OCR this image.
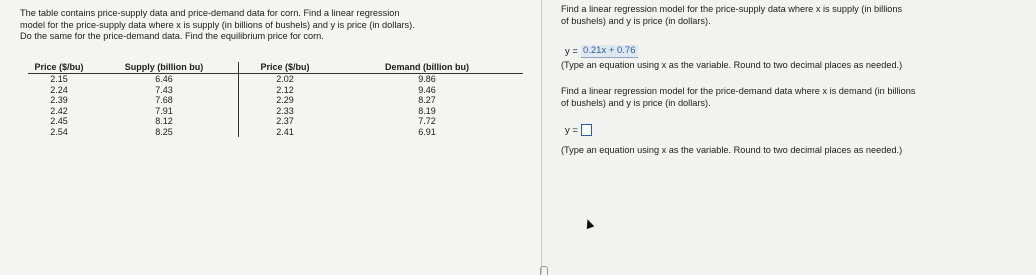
The table contains price-supply data and price-demand data for corn. Find a linear regression

model for the price-supply data where x is supply (in billions of bushels) and y is price (in dollars).

Do the same for the price-demand data. Find the equilibrium price for corn.

Price ($/bu)	Supply (billion bu)	Price ($/bu)	Demand (billion bu)
2.15	6.46	2.02	9.86
2.24	7.43	2.12	9.46
2.39	7.68	2.29	8.27
2.42	7.91	2.33	8.19
2.45	8.12	2.37	7.72
2.54	8.25	2.41	6.91
Find a linear regression model for the price-supply data where x is supply (in billions
of bushels) and y is price (in dollars).
y = 0.21x + 0.76
(Type an equation using x as the variable. Round to two decimal places as needed.)
Find a linear regression model for the price-demand data where x is demand (in billions
of bushels) and y is price (in dollars).
y =
(Type an equation using x as the variable. Round to two decimal places as needed.)
